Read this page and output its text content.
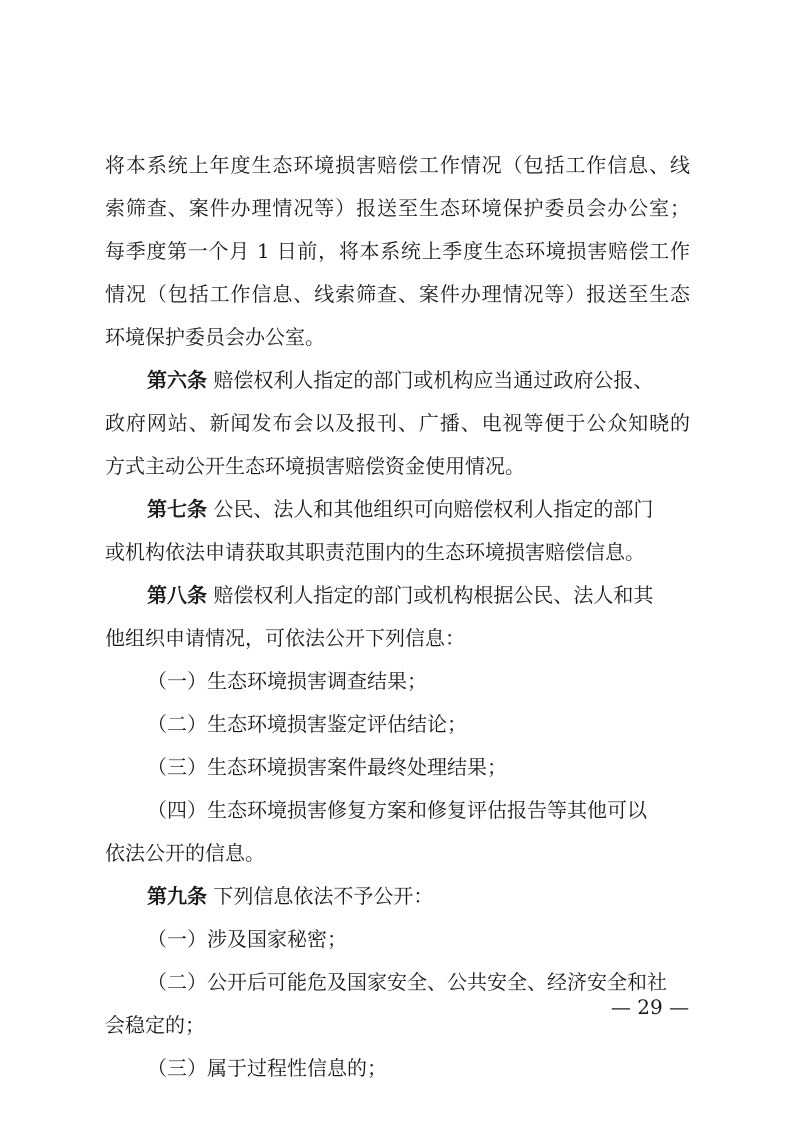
将本系统上年度生态环境损害赔偿工作情况（包括工作信息、线
索筛查、案件办理情况等）报送至生态环境保护委员会办公室；
每季度第一个月 1 日前，将本系统上季度生态环境损害赔偿工作
情况（包括工作信息、线索筛查、案件办理情况等）报送至生态
环境保护委员会办公室。
第六条 赔偿权利人指定的部门或机构应当通过政府公报、
政府网站、新闻发布会以及报刊、广播、电视等便于公众知晓的
方式主动公开生态环境损害赔偿资金使用情况。
第七条 公民、法人和其他组织可向赔偿权利人指定的部门
或机构依法申请获取其职责范围内的生态环境损害赔偿信息。
第八条 赔偿权利人指定的部门或机构根据公民、法人和其
他组织申请情况，可依法公开下列信息：
（一）生态环境损害调查结果；
（二）生态环境损害鉴定评估结论；
（三）生态环境损害案件最终处理结果；
（四）生态环境损害修复方案和修复评估报告等其他可以
依法公开的信息。
第九条 下列信息依法不予公开：
（一）涉及国家秘密；
（二）公开后可能危及国家安全、公共安全、经济安全和社
会稳定的；
（三）属于过程性信息的；
— 29 —
